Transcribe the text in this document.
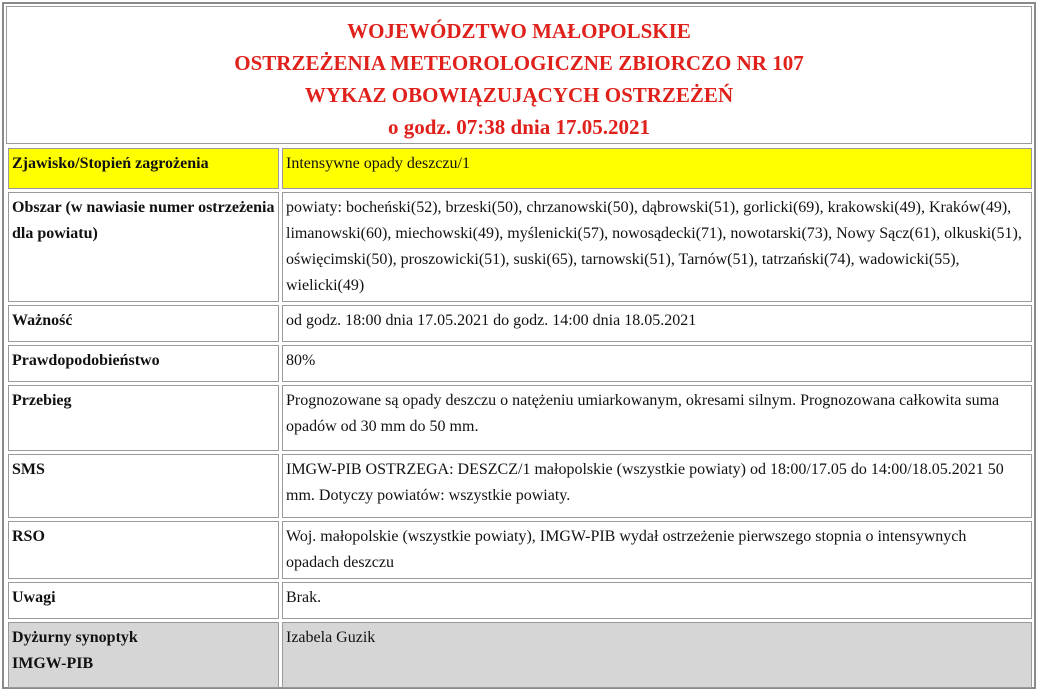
WOJEWÓDZTWO MAŁOPOLSKIE
OSTRZEŻENIA METEOROLOGICZNE ZBIORCZO NR 107
WYKAZ OBOWIĄZUJĄCYCH OSTRZEŻEŃ
o godz. 07:38 dnia 17.05.2021
Zjawisko/Stopień zagrożenia	Intensywne opady deszczu/1
Obszar (w nawiasie numer ostrzeżenia dla powiatu)	powiaty: bocheński(52), brzeski(50), chrzanowski(50), dąbrowski(51), gorlicki(69), krakowski(49), Kraków(49), limanowski(60), miechowski(49), myślenicki(57), nowosądecki(71), nowotarski(73), Nowy Sącz(61), olkuski(51), oświęcimski(50), proszowicki(51), suski(65), tarnowski(51), Tarnów(51), tatrzański(74), wadowicki(55), wielicki(49)
Ważność	od godz. 18:00 dnia 17.05.2021 do godz. 14:00 dnia 18.05.2021
Prawdopodobieństwo	80%
Przebieg	Prognozowane są opady deszczu o natężeniu umiarkowanym, okresami silnym. Prognozowana całkowita suma opadów od 30 mm do 50 mm.
SMS	IMGW-PIB OSTRZEGA: DESZCZ/1 małopolskie (wszystkie powiaty) od 18:00/17.05 do 14:00/18.05.2021 50 mm. Dotyczy powiatów: wszystkie powiaty.
RSO	Woj. małopolskie (wszystkie powiaty), IMGW-PIB wydał ostrzeżenie pierwszego stopnia o intensywnych opadach deszczu
Uwagi	Brak.
Dyżurny synoptyk IMGW-PIB	Izabela Guzik
